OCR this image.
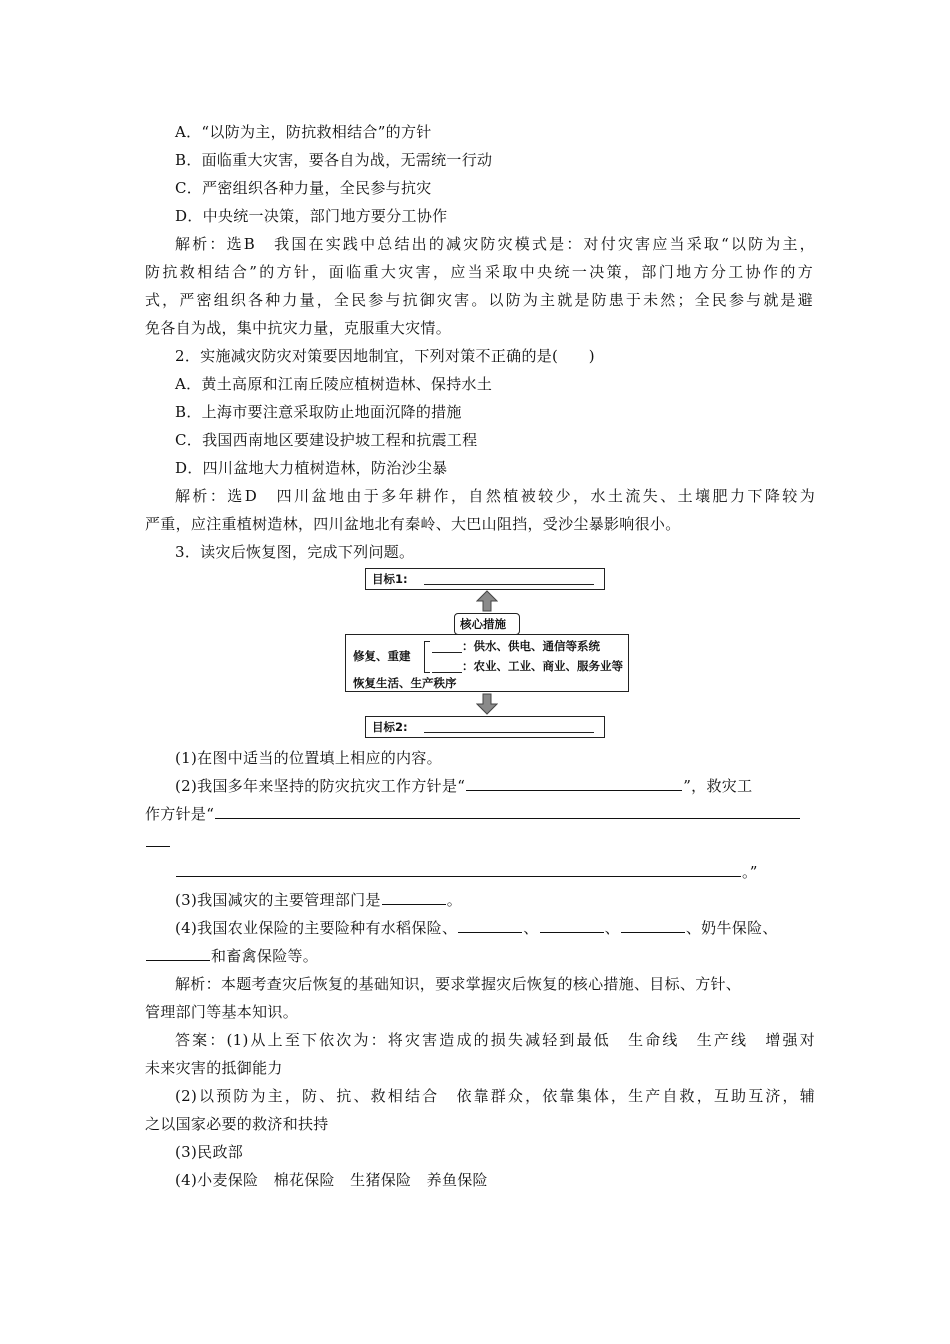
A．“以防为主，防抗救相结合”的方针
B．面临重大灾害，要各自为战，无需统一行动
C．严密组织各种力量，全民参与抗灾
D．中央统一决策，部门地方要分工协作
解析：选B　我国在实践中总结出的减灾防灾模式是：对付灾害应当采取“以防为主，
防抗救相结合”的方针，面临重大灾害，应当采取中央统一决策，部门地方分工协作的方
式，严密组织各种力量，全民参与抗御灾害。以防为主就是防患于未然；全民参与就是避
免各自为战，集中抗灾力量，克服重大灾情。
2．实施减灾防灾对策要因地制宜，下列对策不正确的是(　　)
A．黄土高原和江南丘陵应植树造林、保持水土
B．上海市要注意采取防止地面沉降的措施
C．我国西南地区要建设护坡工程和抗震工程
D．四川盆地大力植树造林，防治沙尘暴
解析：选D　四川盆地由于多年耕作，自然植被较少，水土流失、土壤肥力下降较为
严重，应注重植树造林，四川盆地北有秦岭、大巴山阻挡，受沙尘暴影响很小。
3．读灾后恢复图，完成下列问题。
目标1:
核心措施
修复、重建
：供水、供电、通信等系统
：农业、工业、商业、服务业等
恢复生活、生产秩序
目标2:
(1)在图中适当的位置填上相应的内容。
(2)我国多年来坚持的防灾抗灾工作方针是“	”，救灾工
作方针是“
。”
(3)我国减灾的主要管理部门是	。
(4)我国农业保险的主要险种有水稻保险、	、	、	、奶牛保险、
和畜禽保险等。
解析：本题考查灾后恢复的基础知识，要求掌握灾后恢复的核心措施、目标、方针、
管理部门等基本知识。
答案：(1)从上至下依次为：将灾害造成的损失减轻到最低　生命线　生产线　增强对
未来灾害的抵御能力
(2)以预防为主，防、抗、救相结合　依靠群众，依靠集体，生产自救，互助互济，辅
之以国家必要的救济和扶持
(3)民政部
(4)小麦保险　棉花保险　生猪保险　养鱼保险
